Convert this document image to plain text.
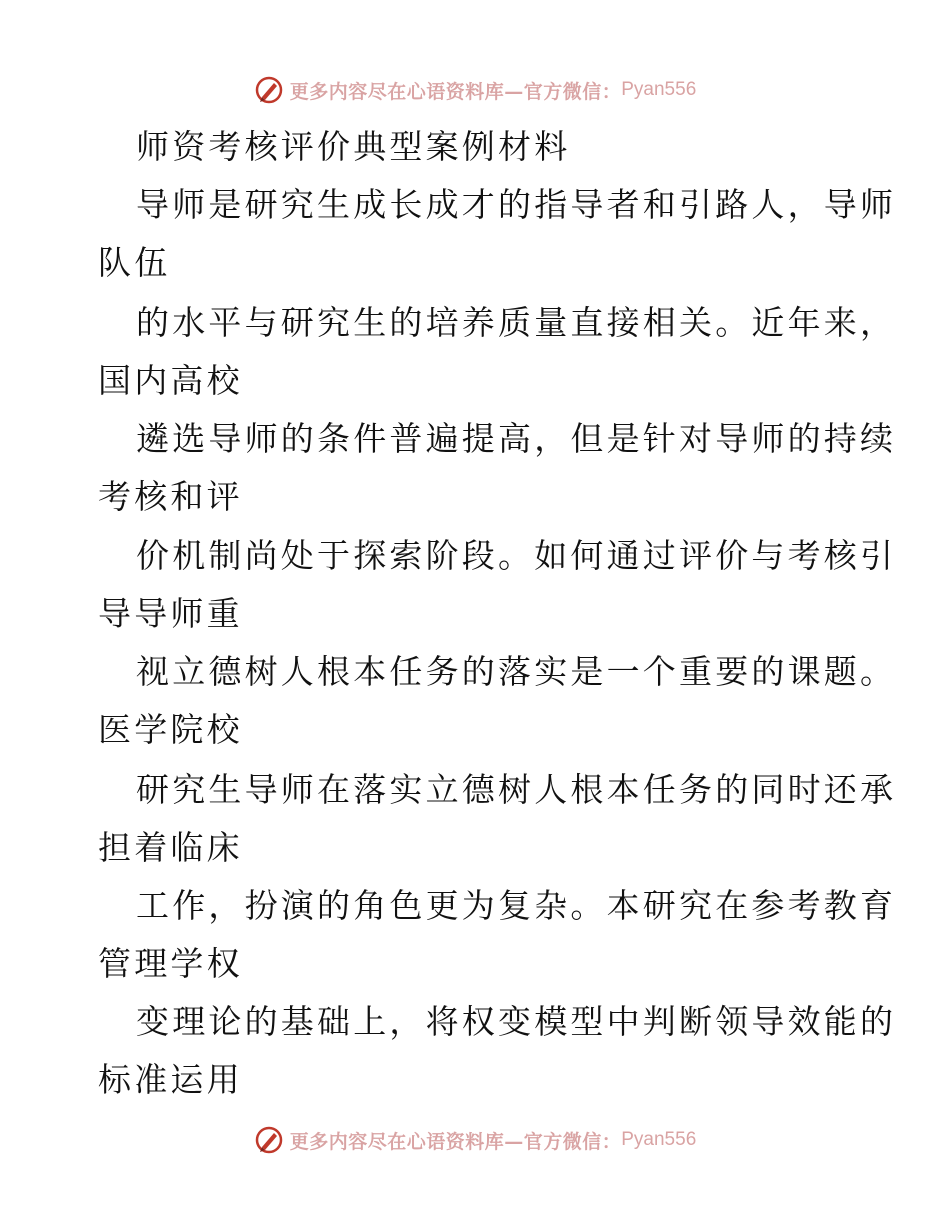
更多内容尽在心语资料库—官方微信： Pyan556
师资考核评价典型案例材料
导师是研究生成长成才的指导者和引路人，导师
队伍
的水平与研究生的培养质量直接相关。近年来，
国内高校
遴选导师的条件普遍提高，但是针对导师的持续
考核和评
价机制尚处于探索阶段。如何通过评价与考核引
导导师重
视立德树人根本任务的落实是一个重要的课题。
医学院校
研究生导师在落实立德树人根本任务的同时还承
担着临床
工作，扮演的角色更为复杂。本研究在参考教育
管理学权
变理论的基础上，将权变模型中判断领导效能的
标准运用
更多内容尽在心语资料库—官方微信： Pyan556
